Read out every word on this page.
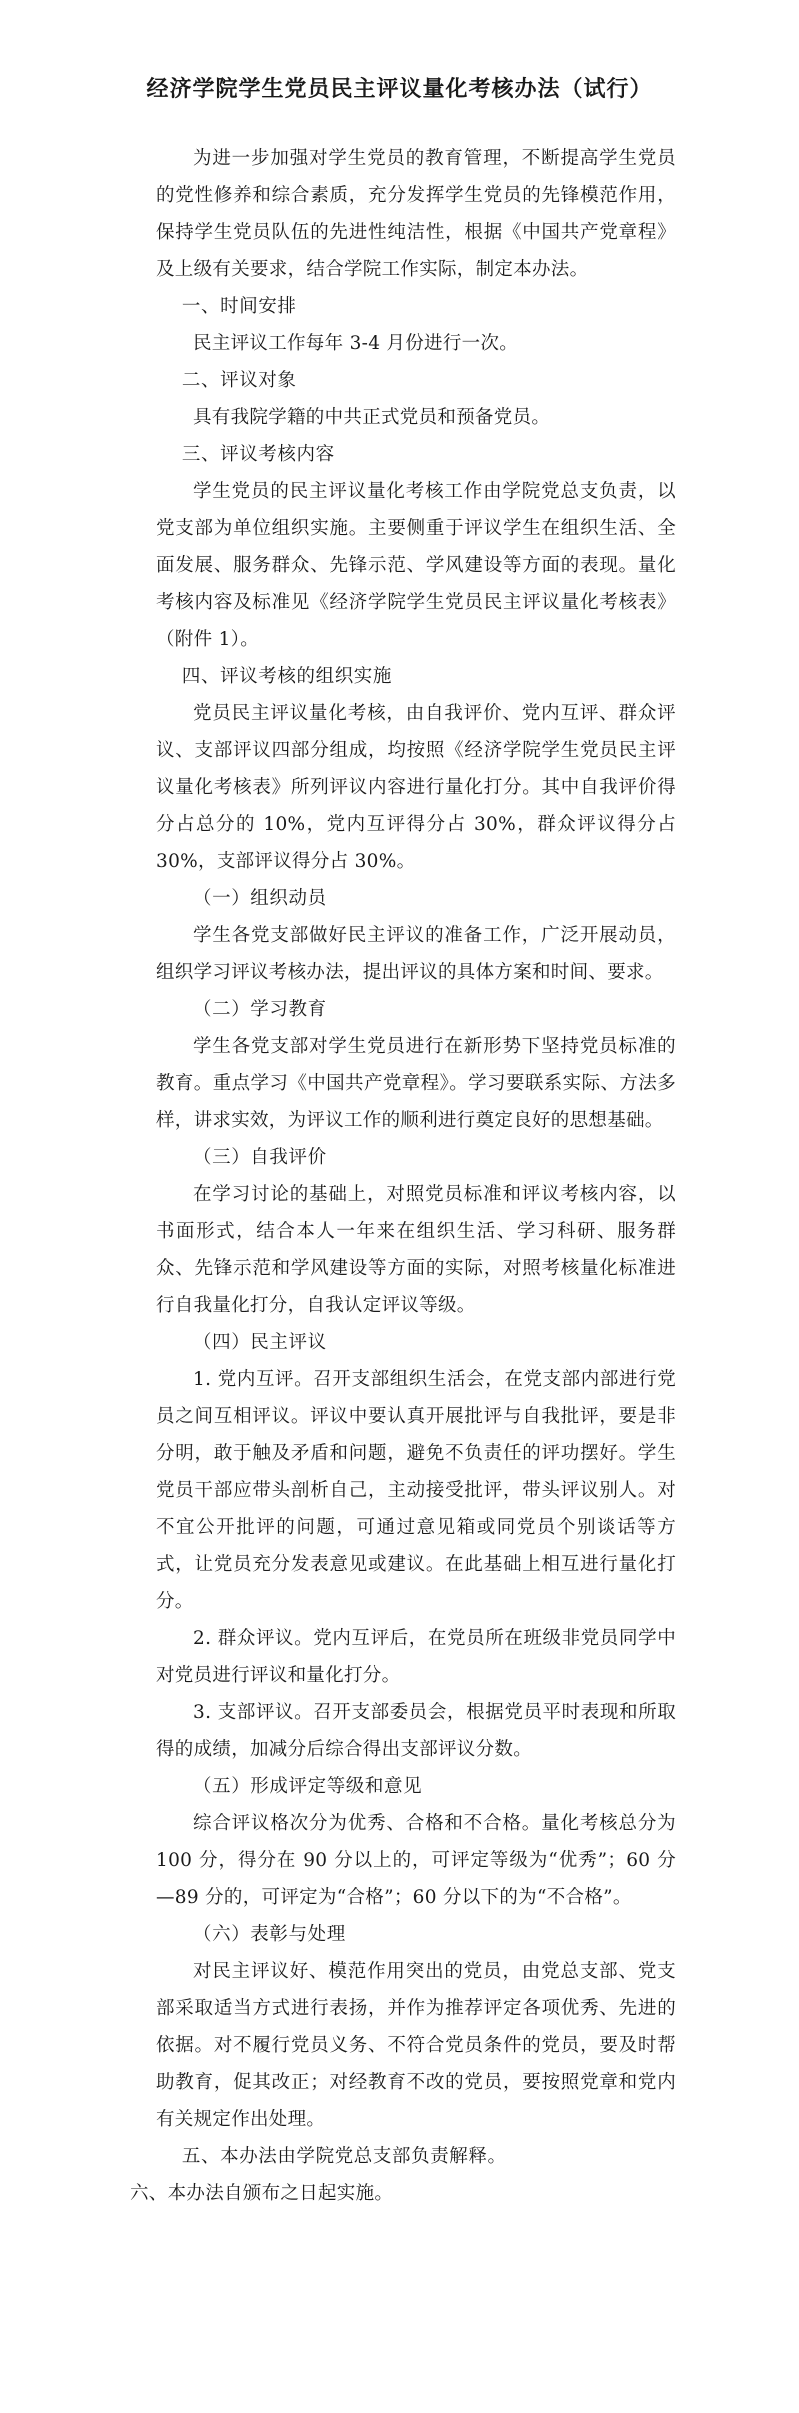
经济学院学生党员民主评议量化考核办法（试行）

为进一步加强对学生党员的教育管理，不断提高学生党员的党性修养和综合素质，充分发挥学生党员的先锋模范作用，保持学生党员队伍的先进性纯洁性，根据《中国共产党章程》及上级有关要求，结合学院工作实际，制定本办法。

一、时间安排

民主评议工作每年 3-4 月份进行一次。

二、评议对象

具有我院学籍的中共正式党员和预备党员。

三、评议考核内容

学生党员的民主评议量化考核工作由学院党总支负责，以党支部为单位组织实施。主要侧重于评议学生在组织生活、全面发展、服务群众、先锋示范、学风建设等方面的表现。量化考核内容及标准见《经济学院学生党员民主评议量化考核表》（附件 1）。

四、评议考核的组织实施

党员民主评议量化考核，由自我评价、党内互评、群众评议、支部评议四部分组成，均按照《经济学院学生党员民主评议量化考核表》所列评议内容进行量化打分。其中自我评价得分占总分的 10%，党内互评得分占 30%，群众评议得分占 30%，支部评议得分占 30%。

（一）组织动员

学生各党支部做好民主评议的准备工作，广泛开展动员，组织学习评议考核办法，提出评议的具体方案和时间、要求。

（二）学习教育

学生各党支部对学生党员进行在新形势下坚持党员标准的教育。重点学习《中国共产党章程》。学习要联系实际、方法多样，讲求实效，为评议工作的顺利进行奠定良好的思想基础。

（三）自我评价

在学习讨论的基础上，对照党员标准和评议考核内容，以书面形式，结合本人一年来在组织生活、学习科研、服务群众、先锋示范和学风建设等方面的实际，对照考核量化标准进行自我量化打分，自我认定评议等级。

（四）民主评议

1. 党内互评。召开支部组织生活会，在党支部内部进行党员之间互相评议。评议中要认真开展批评与自我批评，要是非分明，敢于触及矛盾和问题，避免不负责任的评功摆好。学生党员干部应带头剖析自己，主动接受批评，带头评议别人。对不宜公开批评的问题，可通过意见箱或同党员个别谈话等方式，让党员充分发表意见或建议。在此基础上相互进行量化打分。

2. 群众评议。党内互评后，在党员所在班级非党员同学中对党员进行评议和量化打分。

3. 支部评议。召开支部委员会，根据党员平时表现和所取得的成绩，加减分后综合得出支部评议分数。

（五）形成评定等级和意见

综合评议格次分为优秀、合格和不合格。量化考核总分为 100 分，得分在 90 分以上的，可评定等级为“优秀”；60 分—89 分的，可评定为“合格”；60 分以下的为“不合格”。

（六）表彰与处理

对民主评议好、模范作用突出的党员，由党总支部、党支部采取适当方式进行表扬，并作为推荐评定各项优秀、先进的依据。对不履行党员义务、不符合党员条件的党员，要及时帮助教育，促其改正；对经教育不改的党员，要按照党章和党内有关规定作出处理。

五、本办法由学院党总支部负责解释。

六、本办法自颁布之日起实施。
